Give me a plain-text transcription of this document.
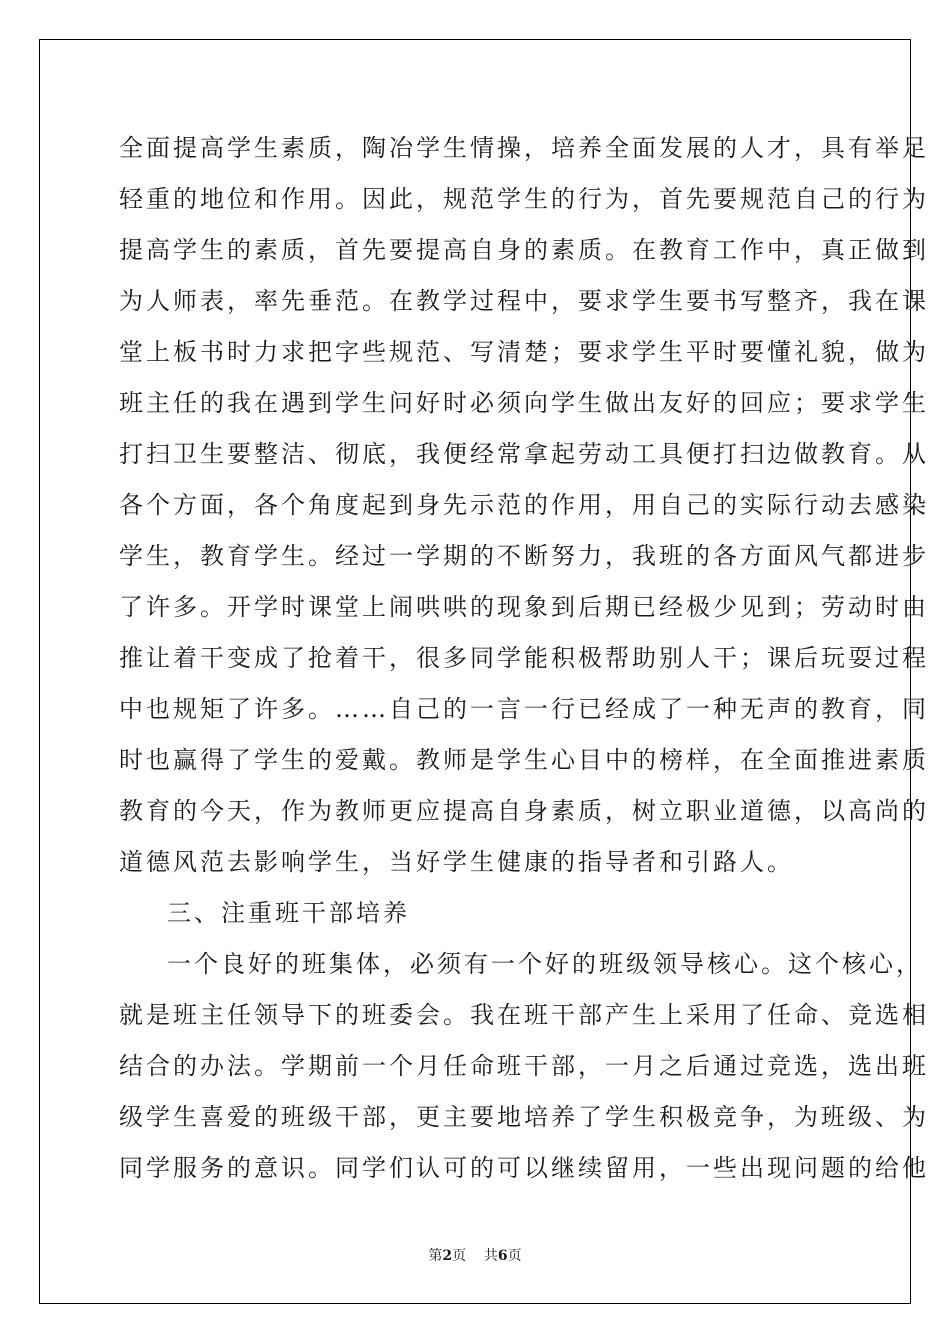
全面提高学生素质，陶冶学生情操，培养全面发展的人才，具有举足
轻重的地位和作用。因此，规范学生的行为，首先要规范自己的行为
提高学生的素质，首先要提高自身的素质。在教育工作中，真正做到
为人师表，率先垂范。在教学过程中，要求学生要书写整齐，我在课
堂上板书时力求把字些规范、写清楚；要求学生平时要懂礼貌，做为
班主任的我在遇到学生问好时必须向学生做出友好的回应；要求学生
打扫卫生要整洁、彻底，我便经常拿起劳动工具便打扫边做教育。从
各个方面，各个角度起到身先示范的作用，用自己的实际行动去感染
学生，教育学生。经过一学期的不断努力，我班的各方面风气都进步
了许多。开学时课堂上闹哄哄的现象到后期已经极少见到；劳动时由
推让着干变成了抢着干，很多同学能积极帮助别人干；课后玩耍过程
中也规矩了许多。……自己的一言一行已经成了一种无声的教育，同
时也赢得了学生的爱戴。教师是学生心目中的榜样，在全面推进素质
教育的今天，作为教师更应提高自身素质，树立职业道德，以高尚的
道德风范去影响学生，当好学生健康的指导者和引路人。
三、注重班干部培养
一个良好的班集体，必须有一个好的班级领导核心。这个核心，
就是班主任领导下的班委会。我在班干部产生上采用了任命、竞选相
结合的办法。学期前一个月任命班干部，一月之后通过竞选，选出班
级学生喜爱的班级干部，更主要地培养了学生积极竞争，为班级、为
同学服务的意识。同学们认可的可以继续留用，一些出现问题的给他
第2页 共6页
